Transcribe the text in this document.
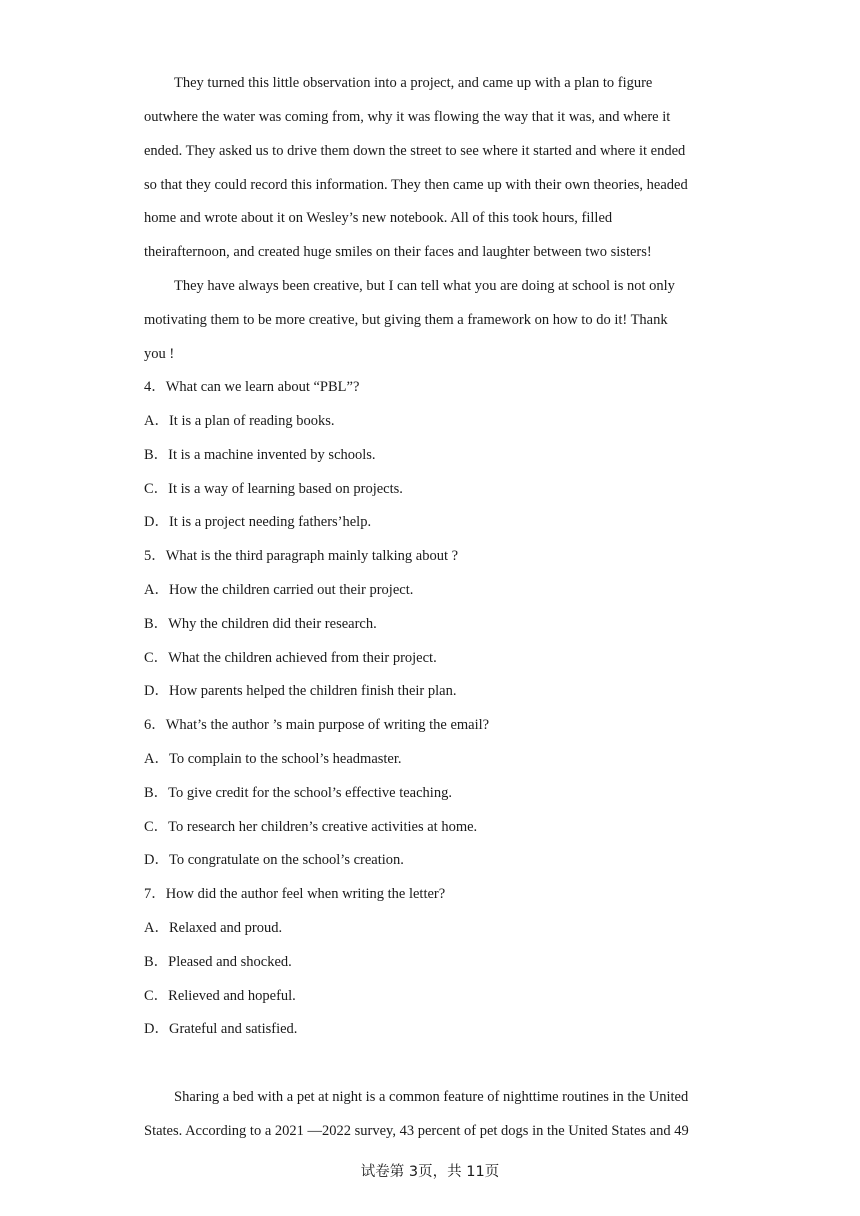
They turned this little observation into a project, and came up with a plan to figure
outwhere the water was coming from, why it was flowing the way that it was, and where it
ended. They asked us to drive them down the street to see where it started and where it ended
so that they could record this information. They then came up with their own theories, headed
home and wrote about it on Wesley’s new notebook. All of this took hours, filled
theirafternoon, and created huge smiles on their faces and laughter between two sisters!
They have always been creative, but I can tell what you are doing at school is not only
motivating them to be more creative, but giving them a framework on how to do it! Thank
you !
4．What can we learn about “PBL”?
A．It is a plan of reading books.
B．It is a machine invented by schools.
C．It is a way of learning based on projects.
D．It is a project needing fathers’help.
5．What is the third paragraph mainly talking about ?
A．How the children carried out their project.
B．Why the children did their research.
C．What the children achieved from their project.
D．How parents helped the children finish their plan.
6．What’s the author ’s main purpose of writing the email?
A．To complain to the school’s headmaster.
B．To give credit for the school’s effective teaching.
C．To research her children’s creative activities at home.
D．To congratulate on the school’s creation.
7．How did the author feel when writing the letter?
A．Relaxed and proud.
B．Pleased and shocked.
C．Relieved and hopeful.
D．Grateful and satisfied.
Sharing a bed with a pet at night is a common feature of nighttime routines in the United
States. According to a 2021 —2022 survey, 43 percent of pet dogs in the United States and 49
试卷第 3页，共 11页
